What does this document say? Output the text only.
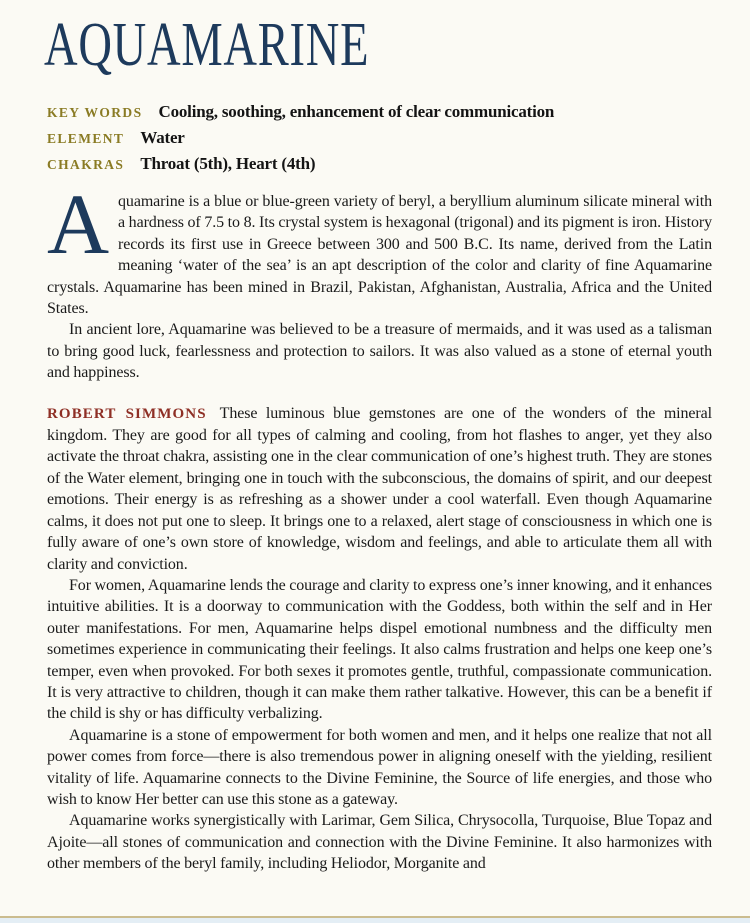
AQUAMARINE
KEY WORDS Cooling, soothing, enhancement of clear communication
ELEMENT Water
CHAKRAS Throat (5th), Heart (4th)

Aquamarine is a blue or blue-green variety of beryl, a beryllium aluminum silicate mineral with a hardness of 7.5 to 8. Its crystal system is hexagonal (trigonal) and its pigment is iron. History records its first use in Greece between 300 and 500 B.C. Its name, derived from the Latin meaning ‘water of the sea’ is an apt description of the color and clarity of fine Aquamarine crystals. Aquamarine has been mined in Brazil, Pakistan, Afghanistan, Australia, Africa and the United States.

In ancient lore, Aquamarine was believed to be a treasure of mermaids, and it was used as a talisman to bring good luck, fearlessness and protection to sailors. It was also valued as a stone of eternal youth and happiness.

ROBERT SIMMONS These luminous blue gemstones are one of the wonders of the mineral kingdom. They are good for all types of calming and cooling, from hot flashes to anger, yet they also activate the throat chakra, assisting one in the clear communication of one’s highest truth. They are stones of the Water element, bringing one in touch with the subconscious, the domains of spirit, and our deepest emotions. Their energy is as refreshing as a shower under a cool waterfall. Even though Aquamarine calms, it does not put one to sleep. It brings one to a relaxed, alert stage of consciousness in which one is fully aware of one’s own store of knowledge, wisdom and feelings, and able to articulate them all with clarity and conviction.

For women, Aquamarine lends the courage and clarity to express one’s inner knowing, and it enhances intuitive abilities. It is a doorway to communication with the Goddess, both within the self and in Her outer manifestations. For men, Aquamarine helps dispel emotional numbness and the difficulty men sometimes experience in communicating their feelings. It also calms frustration and helps one keep one’s temper, even when provoked. For both sexes it promotes gentle, truthful, compassionate communication. It is very attractive to children, though it can make them rather talkative. However, this can be a benefit if the child is shy or has difficulty verbalizing.

Aquamarine is a stone of empowerment for both women and men, and it helps one realize that not all power comes from force—there is also tremendous power in aligning oneself with the yielding, resilient vitality of life. Aquamarine connects to the Divine Feminine, the Source of life energies, and those who wish to know Her better can use this stone as a gateway.

Aquamarine works synergistically with Larimar, Gem Silica, Chrysocolla, Turquoise, Blue Topaz and Ajoite—all stones of communication and connection with the Divine Feminine. It also harmonizes with other members of the beryl family, including Heliodor, Morganite and
